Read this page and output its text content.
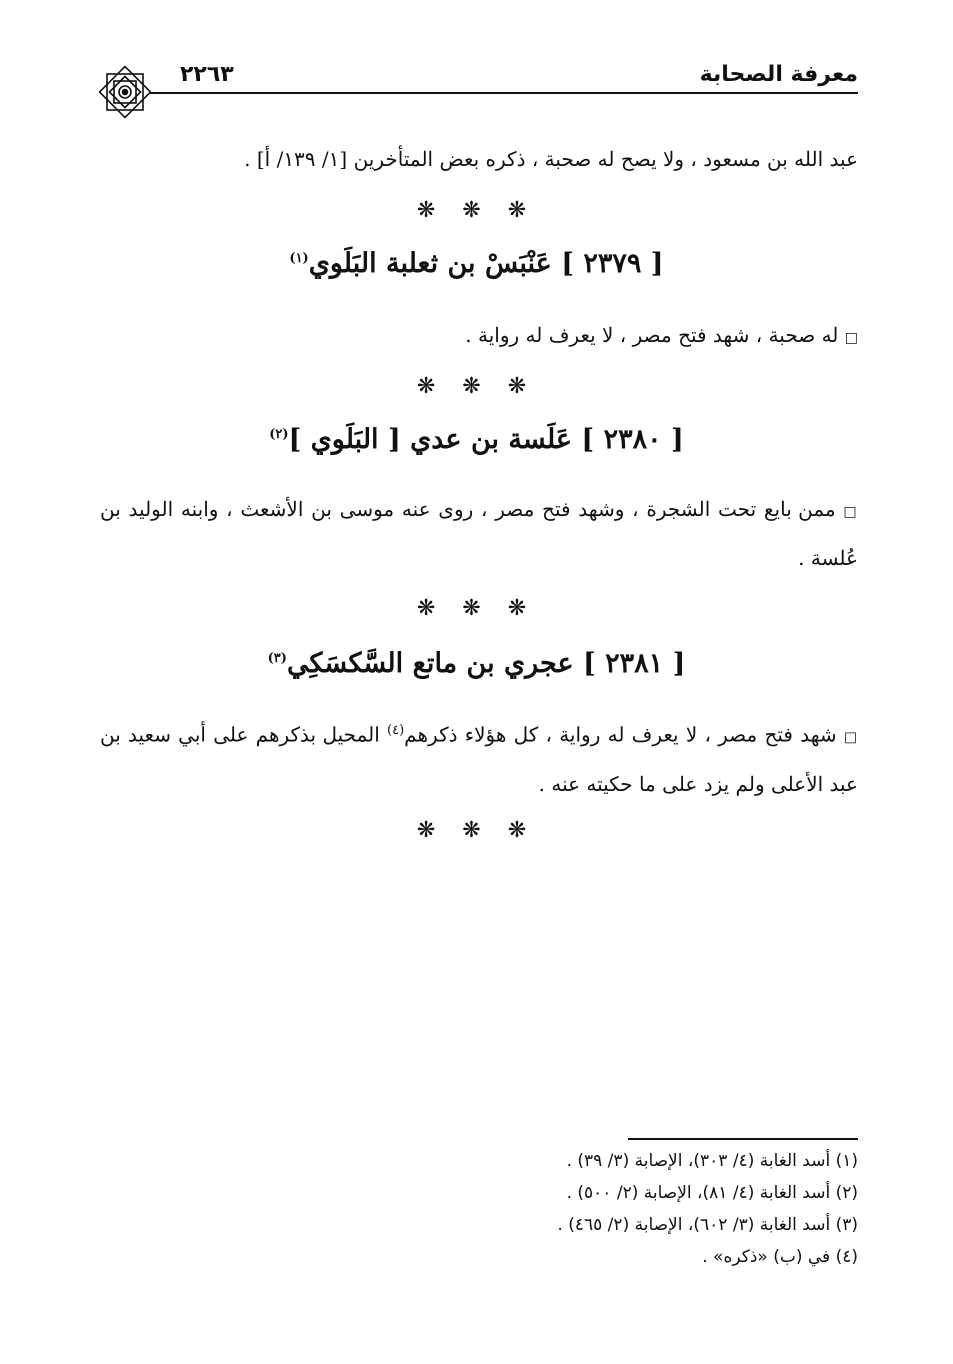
معرفة الصحابة
٢٢٦٣
عبد الله بن مسعود ، ولا يصح له صحبة ، ذكره بعض المتأخرين [١/ ١٣٩/ أ] .
❋ ❋ ❋
[ ٢٣٧٩ ] عَنْبَسْ بن ثعلبة البَلَوي$^{(١)}$
□ له صحبة ، شهد فتح مصر ، لا يعرف له رواية .
❋ ❋ ❋
[ ٢٣٨٠ ] عَلَسة بن عدي [ البَلَوي ]$^{(٢)}$
□ ممن بايع تحت الشجرة ، وشهد فتح مصر ، روى عنه موسى بن الأشعث ، وابنه الوليد بن عُلسة .
❋ ❋ ❋
[ ٢٣٨١ ] عجري بن ماتع السَّكسَكِي$^{(٣)}$
□ شهد فتح مصر ، لا يعرف له رواية ، كل هؤلاء ذكرهم$^{(٤)}$ المحيل بذكرهم على أبي سعيد بن عبد الأعلى ولم يزد على ما حكيته عنه .
❋ ❋ ❋
(١) أسد الغابة (٤/ ٣٠٣)، الإصابة (٣/ ٣٩) .
(٢) أسد الغابة (٤/ ٨١)، الإصابة (٢/ ٥٠٠) .
(٣) أسد الغابة (٣/ ٦٠٢)، الإصابة (٢/ ٤٦٥) .
(٤) في (ب) «ذكره» .
